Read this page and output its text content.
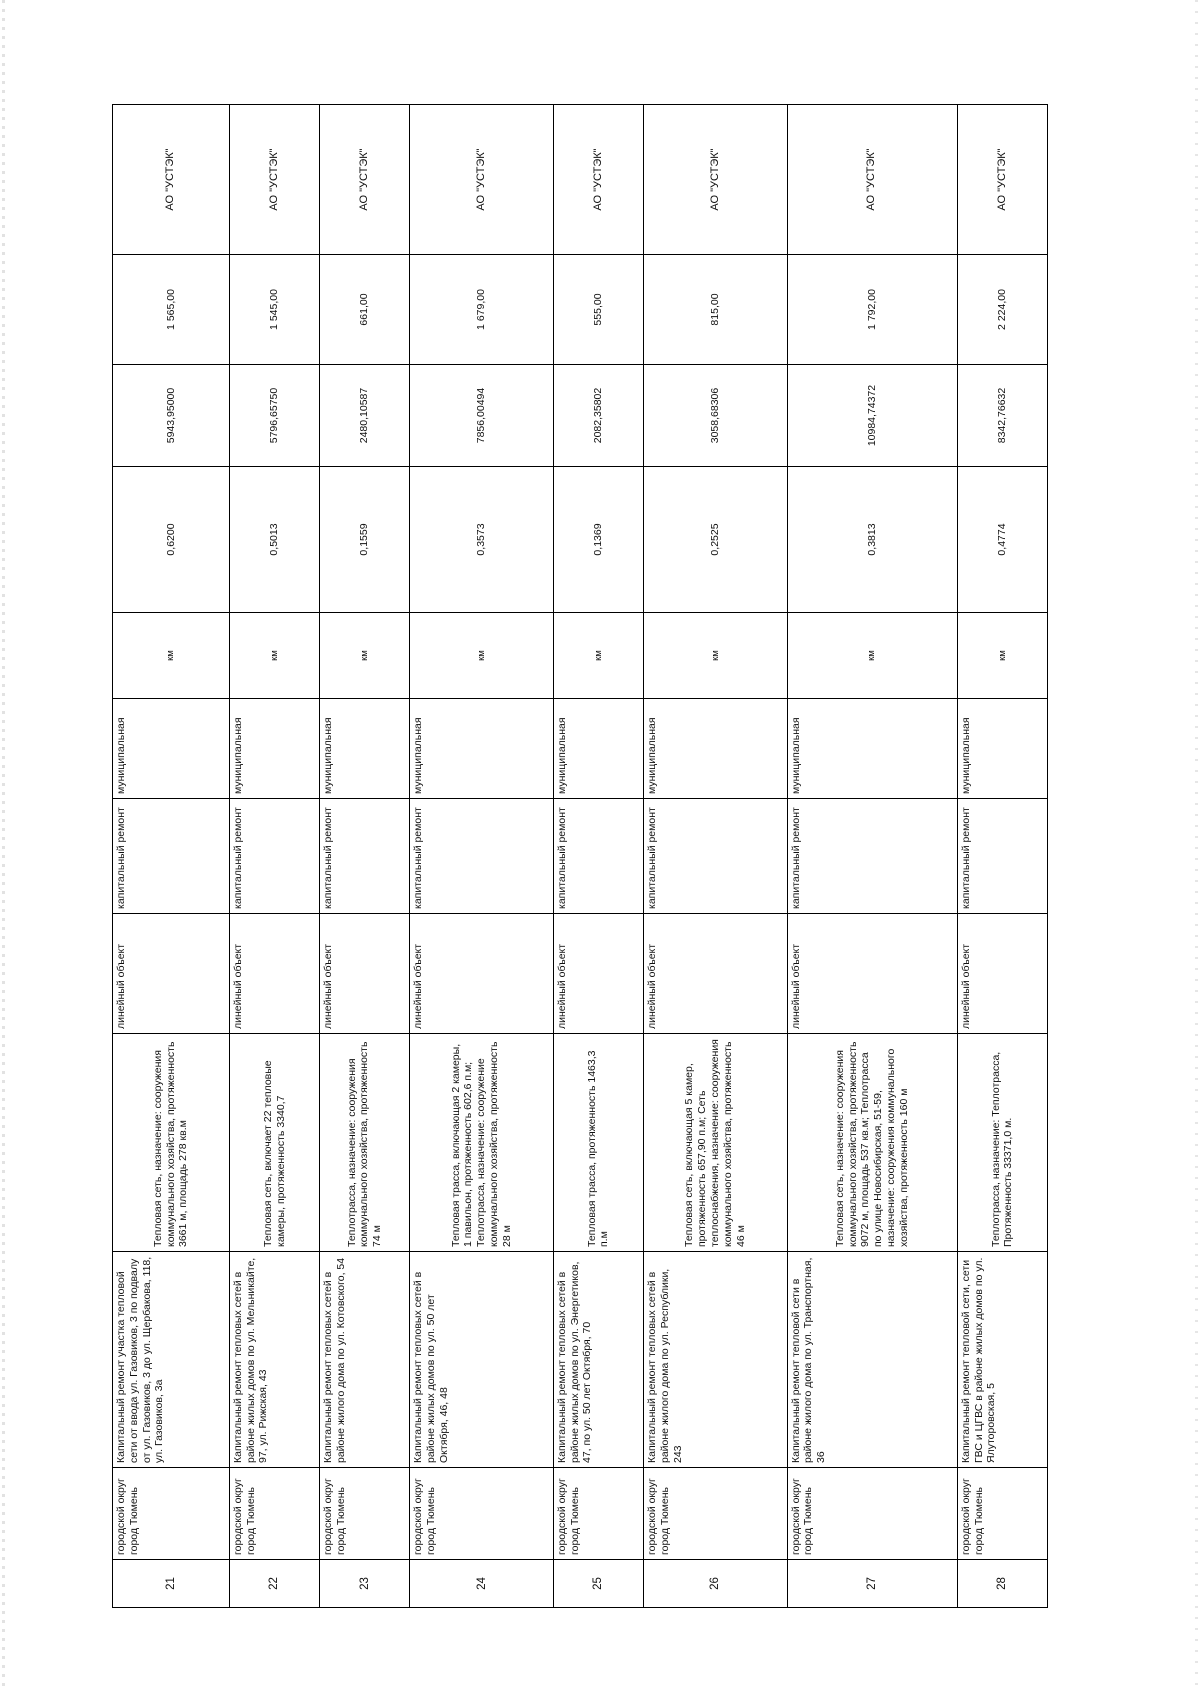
21	городской округ город Тюмень	Капитальный ремонт участка тепловой сети от ввода ул. Газовиков, 3 по подвалу от ул. Газовиков, 3 до ул. Щербакова, 118, ул. Газовиков, 3а	Тепловая сеть, назначение: сооружения коммунального хозяйства, протяженность 3661 м, площадь 278 кв.м	линейный объект	капитальный ремонт	муниципальная	км	0,6200	5943,95000	1 565,00	АО "УСТЭК"
22	городской округ город Тюмень	Капитальный ремонт тепловых сетей в районе жилых домов по ул. Мельникайте, 97, ул. Рижская, 43	Тепловая сеть, включает 22 тепловые камеры, протяженность 3340,7	линейный объект	капитальный ремонт	муниципальная	км	0,5013	5796,65750	1 545,00	АО "УСТЭК"
23	городской округ город Тюмень	Капитальный ремонт тепловых сетей в районе жилого дома по ул. Котовского, 54	Теплотрасса, назначение: сооружения коммунального хозяйства, протяженность 74 м	линейный объект	капитальный ремонт	муниципальная	км	0,1559	2480,10587	661,00	АО "УСТЭК"
24	городской округ город Тюмень	Капитальный ремонт тепловых сетей в районе жилых домов по ул. 50 лет Октября, 46, 48	Тепловая трасса, включающая 2 камеры, 1 павильон, протяженность 602,6 п.м; Теплотрасса, назначение: сооружение коммунального хозяйства, протяженность 28 м	линейный объект	капитальный ремонт	муниципальная	км	0,3573	7856,00494	1 679,00	АО "УСТЭК"
25	городской округ город Тюмень	Капитальный ремонт тепловых сетей в районе жилых домов по ул. Энергетиков, 47, по ул. 50 лет Октября, 70	Тепловая трасса, протяженность 1463,3 п.м	линейный объект	капитальный ремонт	муниципальная	км	0,1369	2082,35802	555,00	АО "УСТЭК"
26	городской округ город Тюмень	Капитальный ремонт тепловых сетей в районе жилого дома по ул. Республики, 243	Тепловая сеть, включающая 5 камер, протяженность 657,90 п.м; Сеть теплоснабжения, назначение: сооружения коммунального хозяйства, протяженность 46 м	линейный объект	капитальный ремонт	муниципальная	км	0,2525	3058,68306	815,00	АО "УСТЭК"
27	городской округ город Тюмень	Капитальный ремонт тепловой сети в районе жилого дома по ул. Транспортная, 36	Тепловая сеть, назначение: сооружения коммунального хозяйства, протяженность 9072 м, площадь 537 кв.м; Теплотрасса по улице Новосибирская, 51-59, назначение: сооружения коммунального хозяйства, протяженность 160 м	линейный объект	капитальный ремонт	муниципальная	км	0,3813	10984,74372	1 792,00	АО "УСТЭК"
28	городской округ город Тюмень	Капитальный ремонт тепловой сети, сети ГВС и ЦГВС в районе жилых домов по ул. Ялуторовская, 5	Теплотрасса, назначение: Теплотрасса, Протяженность 33371,0 м.	линейный объект	капитальный ремонт	муниципальная	км	0,4774	8342,76632	2 224,00	АО "УСТЭК"
